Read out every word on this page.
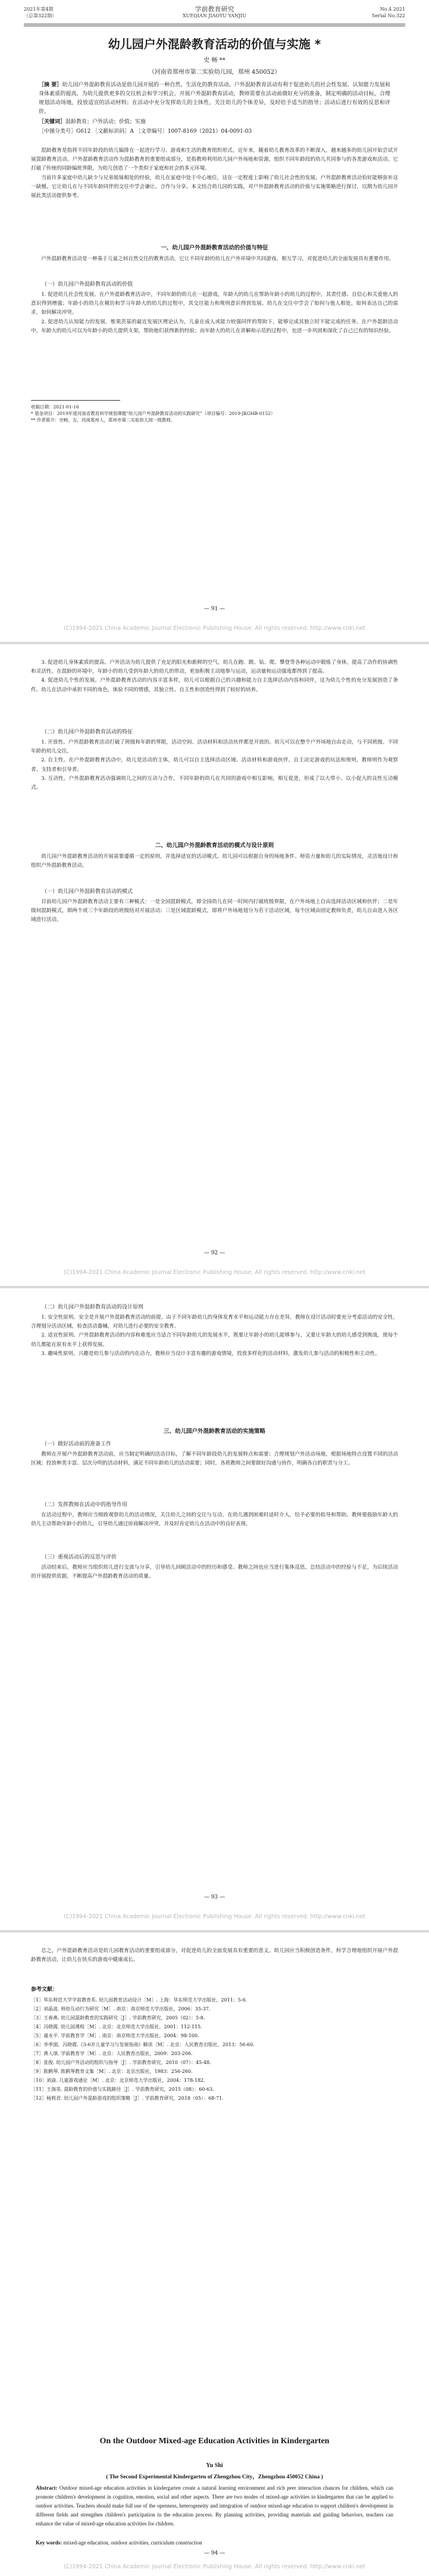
2021年第4期
（总第322期）
学前教育研究
XUEQIAN JIAOYU YANJIU
No.4 2021
Serial No.322
幼儿园户外混龄教育活动的价值与实施 *
史 畅 **
（河南省郑州市第二实验幼儿园，郑州 450052）
［摘 要］幼儿园户外混龄教育活动是幼儿园开展的一种自然、生活化的教育活动。户外混龄教育活动有利于促进幼儿的社会性发展、认知能力发展和身体素质的提高，为幼儿提供更多的交往机会和学习机会。开展户外混龄教育活动，教师需要在活动前做好充分的准备，制定明确的活动目标，合理规划活动场地，投放适宜的活动材料；在活动中充分发挥幼儿的主体性，关注幼儿的个体差异，及时给予适当的指导；活动后进行有效的反思和评价。
［关键词］混龄教育；户外活动；价值；实施
［中图分类号］G612 ［文献标识码］A ［文章编号］1007-8169（2021）04-0091-03

混龄教育是指将不同年龄段的幼儿编排在一起进行学习、游戏和生活的教育组织形式。近年来，随着幼儿教育改革的不断深入，越来越多的幼儿园开始尝试开展混龄教育活动。户外混龄教育活动作为混龄教育的重要组成部分，是指教师利用幼儿园户外场地和资源，组织不同年龄段的幼儿共同参与的各类游戏和活动。它打破了传统的同龄编班界限，为幼儿创造了一个类似于家庭和社会的多元环境。

当前许多家庭中幼儿缺少与兄弟姐妹相处的经验，幼儿在家庭中处于中心地位，这在一定程度上影响了幼儿社会性的发展。户外混龄教育活动恰好能够弥补这一缺憾，它让幼儿在与不同年龄同伴的交往中学会谦让、合作与分享。本文结合幼儿园的实践，对户外混龄教育活动的价值与实施策略进行探讨，以期为幼儿园开展此类活动提供参考。

一、幼儿园户外混龄教育活动的价值与特征

户外混龄教育活动是一种基于儿童之间自然交往的教育活动，它让不同年龄的幼儿在户外环境中共同游戏，相互学习，对促进幼儿的全面发展具有重要作用。

（一）幼儿园户外混龄教育活动的价值

1. 促进幼儿社会性发展。在户外混龄教育活动中，不同年龄的幼儿在一起游戏，年龄大的幼儿在帮助年龄小的幼儿的过程中，其责任感、自信心和关爱他人的意识得到增强；年龄小的幼儿在模仿和学习年龄大的幼儿的过程中，其交往能力和规则意识得到发展。幼儿在交往中学会了如何与他人相处，如何表达自己的需求，如何解决冲突。

2. 促进幼儿认知能力的发展。维果茨基的最近发展区理论认为，儿童在成人或能力较强同伴的帮助下，能够完成其独立时不能完成的任务。在户外混龄活动中，年龄大的幼儿可以为年龄小的幼儿提供支架，帮助他们获得新的经验；而年龄大的幼儿在讲解和示范的过程中，也进一步巩固和深化了自己已有的知识经验。

收稿日期：2021-01-16
* 基金项目：2019年度河南省教育科学规划课题“幼儿园户外混龄教育活动的实践研究”（项目编号：2019-JKGHB-0152）
** 作者简介：史畅，女，河南郑州人，郑州市第二实验幼儿园一级教师。
— 91 —
(C)1994-2021 China Academic Journal Electronic Publishing House. All rights reserved. http://www.cnki.net

3. 促进幼儿身体素质的提高。户外活动为幼儿提供了充足的阳光和新鲜的空气，幼儿在跑、跳、钻、爬、攀登等各种运动中锻炼了身体，提高了动作的协调性和灵活性。在混龄的环境中，年龄小的幼儿受到年龄大的幼儿的带动，更加积极主动地参与运动，运动量和运动强度都得到了提高。

4. 促进幼儿个性的发展。户外混龄教育活动的内容丰富多样，幼儿可以根据自己的兴趣和能力自主选择活动内容和同伴，这为幼儿个性的充分发展创造了条件。幼儿在活动中承担不同的角色，体验不同的情感，其独立性、自主性和创造性得到了较好的培养。

（二）幼儿园户外混龄教育活动的特征

1. 开放性。户外混龄教育活动打破了班级和年龄的界限，活动空间、活动材料和活动伙伴都是开放的。幼儿可以在整个户外场地自由走动，与不同班级、不同年龄的幼儿交往。

2. 自主性。在户外混龄教育活动中，幼儿是活动的主体，幼儿可以自主选择活动区域、活动材料和游戏伙伴，自主决定游戏的玩法和规则，教师则作为观察者、支持者和引导者。

3. 互动性。户外混龄教育活动强调幼儿之间的互动与合作，不同年龄的幼儿在共同的游戏中相互影响，相互促进，形成了以大带小、以小促大的良性互动模式。

二、幼儿园户外混龄教育活动的模式与设计原则

幼儿园户外混龄教育活动的开展需要遵循一定的原则，并选择适宜的活动模式。幼儿园可以根据自身的场地条件、师资力量和幼儿的实际情况，灵活地设计和组织户外混龄教育活动。

（一）幼儿园户外混龄教育活动的模式

目前幼儿园户外混龄教育活动主要有三种模式：一是全园混龄模式，即全园幼儿在同一时间内打破班级界限，在户外场地上自由选择活动区域和伙伴；二是年级间混龄模式，即两个或三个年龄段的班级结对开展活动；三是区域混龄模式，即将户外场地划分为若干活动区域，每个区域由固定教师负责，幼儿自由进入各区域进行活动。

— 92 —
(C)1994-2021 China Academic Journal Electronic Publishing House. All rights reserved. http://www.cnki.net
（二）幼儿园户外混龄教育活动的设计原则

1. 安全性原则。安全是开展户外混龄教育活动的前提。由于不同年龄幼儿的身体发育水平和运动能力存在差异，教师在设计活动时要充分考虑活动的安全性，合理划分活动区域，检查活动器械，对幼儿进行必要的安全教育。

2. 适宜性原则。户外混龄教育活动的内容和难度应当适合不同年龄幼儿的发展水平，既要让年龄小的幼儿能够参与，又要让年龄大的幼儿感受到挑战，使每个幼儿都能在原有水平上获得发展。

3. 趣味性原则。兴趣是幼儿参与活动的内在动力，教师应当设计丰富有趣的游戏情境，投放多样化的活动材料，激发幼儿参与活动的积极性和主动性。

三、幼儿园户外混龄教育活动的实施策略
（一）做好活动前的准备工作

教师在开展户外混龄教育活动前，应当制定明确的活动目标，了解不同年龄段幼儿的发展特点和需要；合理规划户外活动场地，根据场地特点设置不同的活动区域；投放种类丰富、层次分明的活动材料，满足不同年龄幼儿的活动需要；同时，各班教师之间要做好沟通与协作，明确各自的职责与分工。

（二）发挥教师在活动中的指导作用

在活动过程中，教师应当细致观察幼儿的活动情况，关注幼儿之间的交往与互动，在幼儿遇到困难时适时介入，给予必要的指导和帮助。教师要鼓励年龄大的幼儿主动帮助年龄小的幼儿，引导幼儿通过协商解决冲突，并及时肯定幼儿在活动中的良好表现。

（三）重视活动后的反思与评价

活动结束后，教师应当组织幼儿进行交流与分享，引导幼儿回顾活动中的经历和感受。教师之间也应当进行集体反思，总结活动中的经验与不足，为后续活动的开展提供依据，不断提高户外混龄教育活动的质量。

— 93 —
(C)1994-2021 China Academic Journal Electronic Publishing House. All rights reserved. http://www.cnki.net

总之，户外混龄教育活动是幼儿园教育活动的重要组成部分，对促进幼儿的全面发展具有重要的意义。幼儿园应当积极创造条件，科学合理地组织开展户外混龄教育活动，让幼儿在快乐的游戏中健康成长。

参考文献：
［1］华东师范大学学前教育系. 幼儿园教育活动设计［M］. 上海：华东师范大学出版社，2011：5-6.
［2］刘晶波. 师幼互动行为研究［M］. 南京：南京师范大学出版社，2006：35-37.
［3］王春燕. 幼儿园混龄教育的实践研究［J］. 学前教育研究，2005（02）：5-8.
［4］冯晓霞. 幼儿园课程［M］. 北京：北京师范大学出版社，2001：112-115.
［5］虞永平. 学前教育学［M］. 南京：南京师范大学出版社，2004：98-100.
［6］李季湄，冯晓霞.《3-6岁儿童学习与发展指南》解读［M］. 北京：人民教育出版社，2013：56-60.
［7］黄人颂. 学前教育学［M］. 北京：人民教育出版社，2009：203-206.
［8］张俊. 幼儿园户外活动的组织与指导［J］. 学前教育研究，2010（07）：45-48.
［9］陈鹤琴. 陈鹤琴教育文集［M］. 北京：北京出版社，1983：256-260.
［10］刘焱. 儿童游戏通论［M］. 北京：北京师范大学出版社，2004：178-182.
［11］王海英. 混龄教育的价值与实践路径［J］. 学前教育研究，2015（08）：60-63.
［12］杨莉君. 幼儿园户外混龄游戏的组织策略［J］. 学前教育研究，2018（05）：68-71.
On the Outdoor Mixed-age Education Activities in Kindergarten
Yu Shi
( The Second Experimental Kindergarten of Zhengzhou City，Zhengzhou 450052 China )
Abstract: Outdoor mixed-age education activities in kindergarten create a natural learning environment and rich peer interaction chances for children, which can promote children's development in cognition, emotion, social and other aspects. There are two modes of mixed-age activities in kindergarten that can be applied to outdoor activities. Teachers should make full use of the openness, heterogeneity and integration of outdoor mixed-age education to support children's development in different fields and strengthen children's participation in the education process. By planning activities, providing materials and guiding behaviors, teachers can enhance the value of mixed-age education activities for children.
Key words: mixed-age education, outdoor activities, curriculum construction
— 94 —
(C)1994-2021 China Academic Journal Electronic Publishing House. All rights reserved. http://www.cnki.net
